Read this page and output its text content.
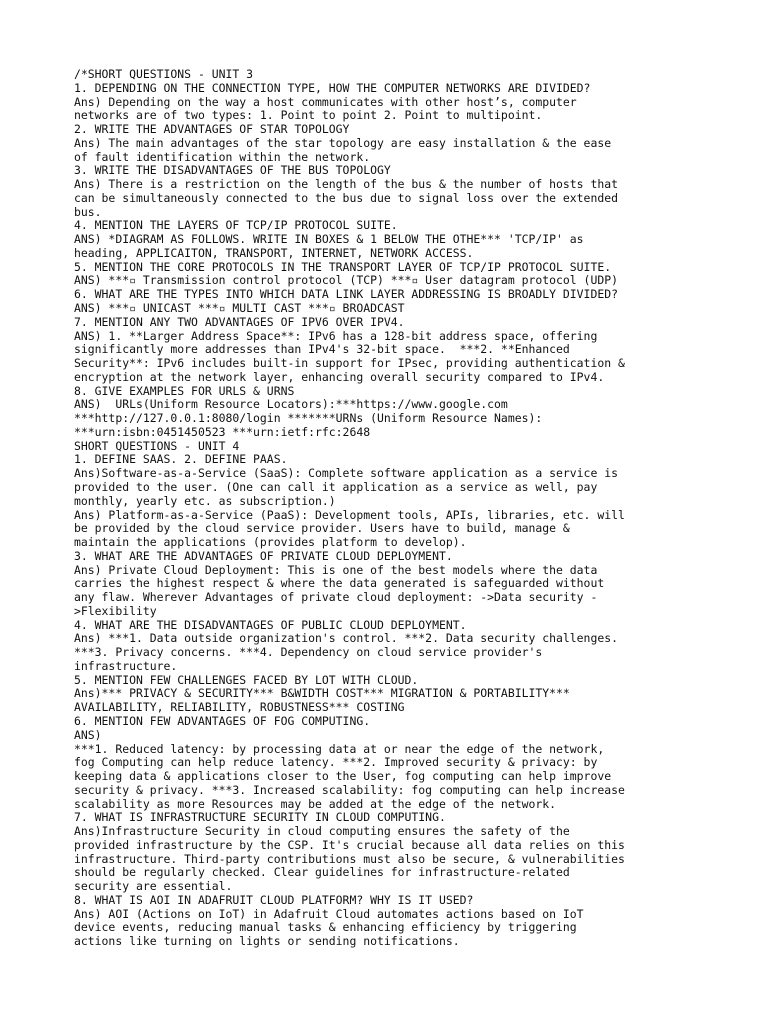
/*SHORT QUESTIONS - UNIT 3
1. DEPENDING ON THE CONNECTION TYPE, HOW THE COMPUTER NETWORKS ARE DIVIDED?
Ans) Depending on the way a host communicates with other host’s, computer
networks are of two types: 1. Point to point 2. Point to multipoint.
2. WRITE THE ADVANTAGES OF STAR TOPOLOGY
Ans) The main advantages of the star topology are easy installation & the ease
of fault identification within the network.
3. WRITE THE DISADVANTAGES OF THE BUS TOPOLOGY
Ans) There is a restriction on the length of the bus & the number of hosts that
can be simultaneously connected to the bus due to signal loss over the extended
bus.
4. MENTION THE LAYERS OF TCP/IP PROTOCOL SUITE.
ANS) *DIAGRAM AS FOLLOWS. WRITE IN BOXES & 1 BELOW THE OTHE*** 'TCP/IP' as
heading, APPLICAITON, TRANSPORT, INTERNET, NETWORK ACCESS.
5. MENTION THE CORE PROTOCOLS IN THE TRANSPORT LAYER OF TCP/IP PROTOCOL SUITE.
ANS) ***▫ Transmission control protocol (TCP) ***▫ User datagram protocol (UDP)
6. WHAT ARE THE TYPES INTO WHICH DATA LINK LAYER ADDRESSING IS BROADLY DIVIDED?
ANS) ***▫ UNICAST ***▫ MULTI CAST ***▫ BROADCAST
7. MENTION ANY TWO ADVANTAGES OF IPV6 OVER IPV4.
ANS) 1. **Larger Address Space**: IPv6 has a 128-bit address space, offering
significantly more addresses than IPv4's 32-bit space.  ***2. **Enhanced
Security**: IPv6 includes built-in support for IPsec, providing authentication &
encryption at the network layer, enhancing overall security compared to IPv4.
8. GIVE EXAMPLES FOR URLS & URNS
ANS)  URLs(Uniform Resource Locators):***https://www.google.com
***http://127.0.0.1:8080/login *******URNs (Uniform Resource Names):
***urn:isbn:0451450523 ***urn:ietf:rfc:2648
SHORT QUESTIONS - UNIT 4
1. DEFINE SAAS. 2. DEFINE PAAS.
Ans)Software-as-a-Service (SaaS): Complete software application as a service is
provided to the user. (One can call it application as a service as well, pay
monthly, yearly etc. as subscription.)
Ans) Platform-as-a-Service (PaaS): Development tools, APIs, libraries, etc. will
be provided by the cloud service provider. Users have to build, manage &
maintain the applications (provides platform to develop).
3. WHAT ARE THE ADVANTAGES OF PRIVATE CLOUD DEPLOYMENT.
Ans) Private Cloud Deployment: This is one of the best models where the data
carries the highest respect & where the data generated is safeguarded without
any flaw. Wherever Advantages of private cloud deployment: ->Data security -
>Flexibility
4. WHAT ARE THE DISADVANTAGES OF PUBLIC CLOUD DEPLOYMENT.
Ans) ***1. Data outside organization's control. ***2. Data security challenges.
***3. Privacy concerns. ***4. Dependency on cloud service provider's
infrastructure.
5. MENTION FEW CHALLENGES FACED BY LOT WITH CLOUD.
Ans)*** PRIVACY & SECURITY*** B&WIDTH COST*** MIGRATION & PORTABILITY***
AVAILABILITY, RELIABILITY, ROBUSTNESS*** COSTING
6. MENTION FEW ADVANTAGES OF FOG COMPUTING.
ANS)
***1. Reduced latency: by processing data at or near the edge of the network,
fog Computing can help reduce latency. ***2. Improved security & privacy: by
keeping data & applications closer to the User, fog computing can help improve
security & privacy. ***3. Increased scalability: fog computing can help increase
scalability as more Resources may be added at the edge of the network.
7. WHAT IS INFRASTRUCTURE SECURITY IN CLOUD COMPUTING.
Ans)Infrastructure Security in cloud computing ensures the safety of the
provided infrastructure by the CSP. It's crucial because all data relies on this
infrastructure. Third-party contributions must also be secure, & vulnerabilities
should be regularly checked. Clear guidelines for infrastructure-related
security are essential.
8. WHAT IS AOI IN ADAFRUIT CLOUD PLATFORM? WHY IS IT USED?
Ans) AOI (Actions on IoT) in Adafruit Cloud automates actions based on IoT
device events, reducing manual tasks & enhancing efficiency by triggering
actions like turning on lights or sending notifications.
